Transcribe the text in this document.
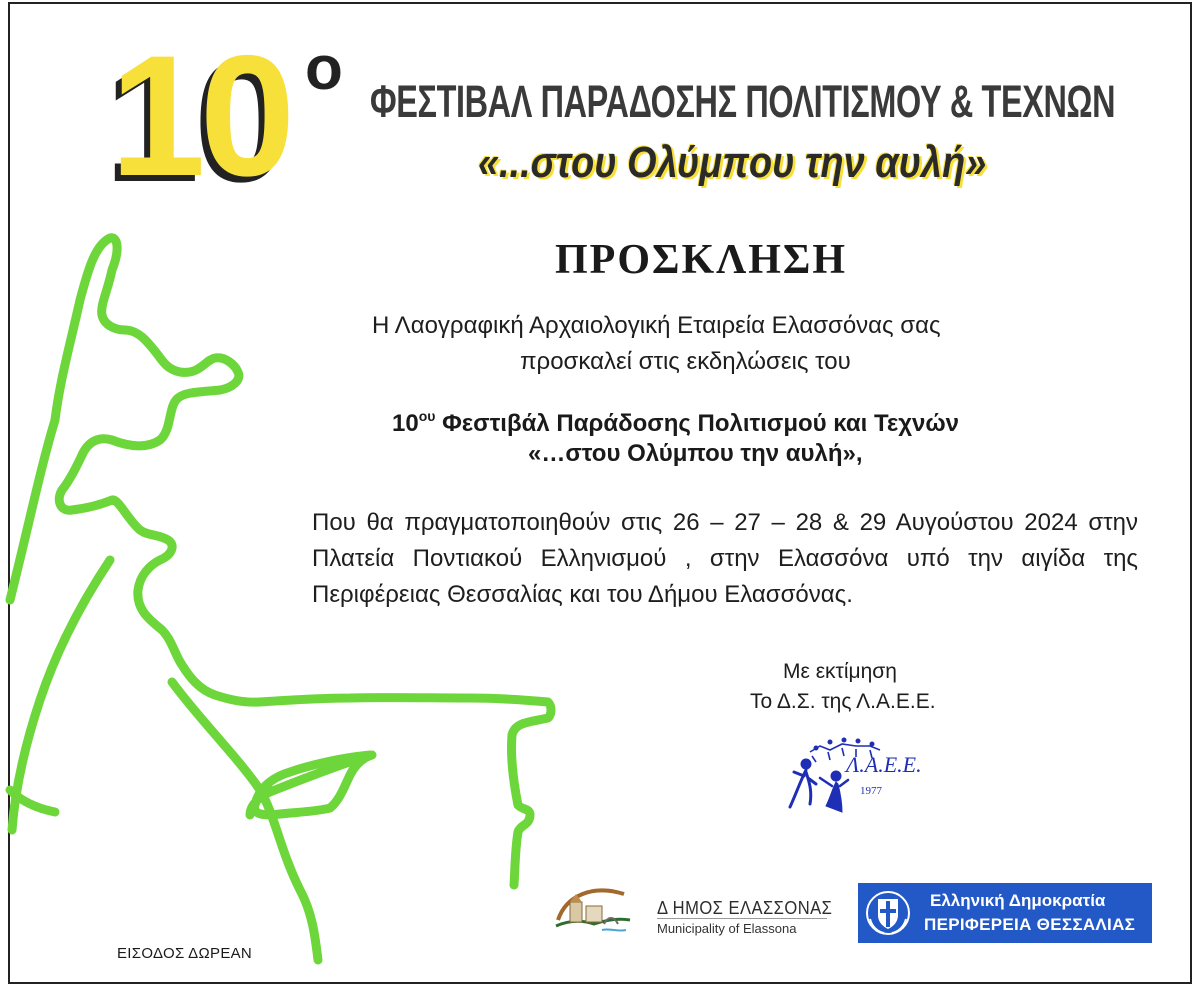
10 ο ΦΕΣΤΙΒΑΛ ΠΑΡΑΔΟΣΗΣ ΠΟΛΙΤΙΣΜΟΥ & ΤΕΧΝΩΝ
«...στου Ολύμπου την αυλή»
ΠΡΟΣΚΛΗΣΗ
Η Λαογραφική Αρχαιολογική Εταιρεία Ελασσόνας σας
προσκαλεί στις εκδηλώσεις του
$10^{o\upsilon}$ Φεστιβάλ Παράδοσης Πολιτισμού και Τεχνών
«…στου Ολύμπου την αυλή»,
Που θα πραγματοποιηθούν στις 26 – 27 – 28 & 29 Αυγούστου 2024 στην Πλατεία Ποντιακού Ελληνισμού , στην Ελασσόνα υπό την αιγίδα της Περιφέρειας Θεσσαλίας και του Δήμου Ελασσόνας.
Με εκτίμηση
Το Δ.Σ. της Λ.Α.Ε.Ε.
Λ.Α.Ε.Ε.
1977
Δ ΗΜΟΣ ΕΛΑΣΣΟΝΑΣ
Municipality of Elassona
Ελληνική Δημοκρατία
ΠΕΡΙΦΕΡΕΙΑ ΘΕΣΣΑΛΙΑΣ
ΕΙΣΟΔΟΣ ΔΩΡΕΑΝ
